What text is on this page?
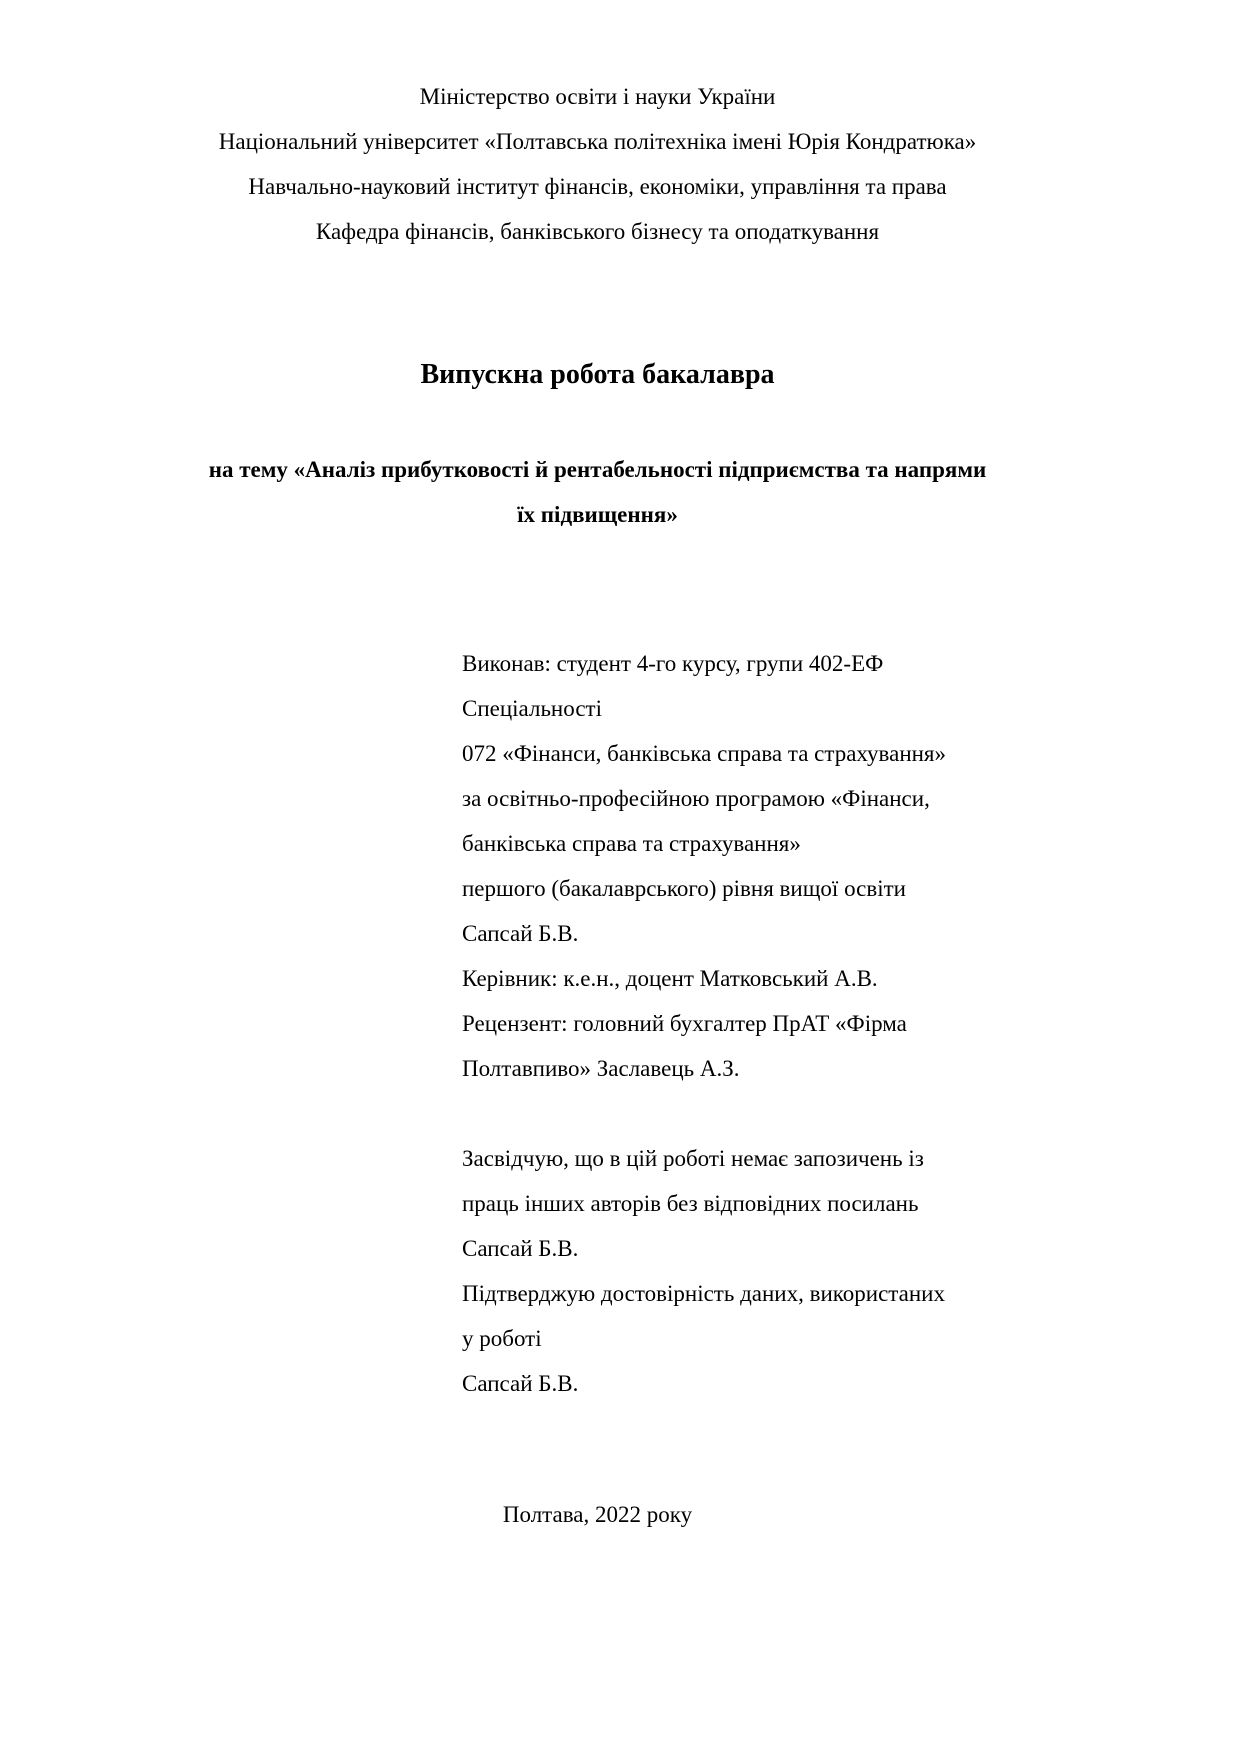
Міністерство освіти і науки України
Національний університет «Полтавська політехніка імені Юрія Кондратюка»
Навчально-науковий інститут фінансів, економіки, управління та права
Кафедра фінансів, банківського бізнесу та оподаткування
Випускна робота бакалавра
на тему «Аналіз прибутковості й рентабельності підприємства та напрями
їх підвищення»
Виконав: студент 4-го курсу, групи 402-ЕФ
Спеціальності
072 «Фінанси, банківська справа та страхування»
за освітньо-професійною програмою «Фінанси,
банківська справа та страхування»
першого (бакалаврського) рівня вищої освіти
Сапсай Б.В.
Керівник: к.е.н., доцент Матковський А.В.
Рецензент: головний бухгалтер ПрАТ «Фірма
Полтавпиво» Заславець А.З.
Засвідчую, що в цій роботі немає запозичень із
праць інших авторів без відповідних посилань
Сапсай Б.В.
Підтверджую достовірність даних, використаних
у роботі
Сапсай Б.В.
Полтава, 2022 року
